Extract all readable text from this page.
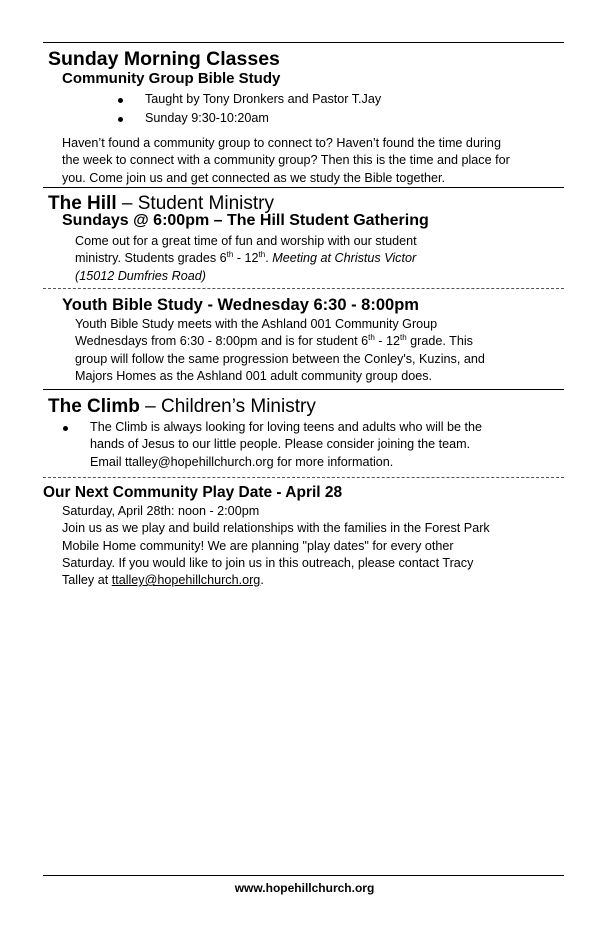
Sunday Morning Classes
Community Group Bible Study
Taught by Tony Dronkers and Pastor T.Jay
Sunday 9:30-10:20am
Haven’t found a community group to connect to? Haven’t found the time during
the week to connect with a community group? Then this is the time and place for
you. Come join us and get connected as we study the Bible together.
The Hill – Student Ministry
Sundays @ 6:00pm – The Hill Student Gathering
Come out for a great time of fun and worship with our student
ministry. Students grades 6th - 12th. Meeting at Christus Victor
(15012 Dumfries Road)
Youth Bible Study - Wednesday 6:30 - 8:00pm
Youth Bible Study meets with the Ashland 001 Community Group
Wednesdays from 6:30 - 8:00pm and is for student 6th - 12th grade. This
group will follow the same progression between the Conley's, Kuzins, and
Majors Homes as the Ashland 001 adult community group does.
The Climb – Children’s Ministry
The Climb is always looking for loving teens and adults who will be the
hands of Jesus to our little people. Please consider joining the team.
Email ttalley@hopehillchurch.org for more information.
Our Next Community Play Date - April 28
Saturday, April 28th: noon - 2:00pm
Join us as we play and build relationships with the families in the Forest Park
Mobile Home community! We are planning "play dates" for every other
Saturday. If you would like to join us in this outreach, please contact Tracy
Talley at ttalley@hopehillchurch.org.
www.hopehillchurch.org
